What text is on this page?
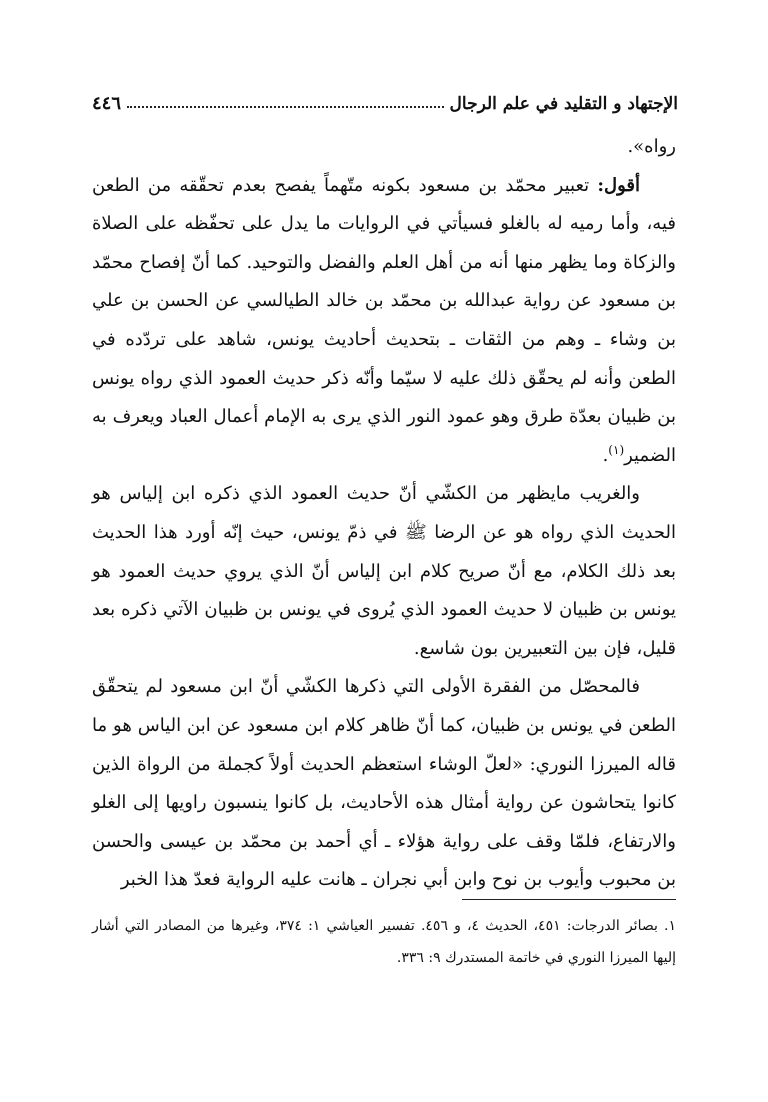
٤٤٦	الإجتهاد و التقليد في علم الرجال

رواه».

أقول: تعبير محمّد بن مسعود بكونه متّهماً يفصح بعدم تحقّقه من الطعن فيه، وأما رميه له بالغلو فسيأتي في الروايات ما يدل على تحفّظه على الصلاة والزكاة وما يظهر منها أنه من أهل العلم والفضل والتوحيد. كما أنّ إفصاح محمّد بن مسعود عن رواية عبدالله بن محمّد بن خالد الطيالسي عن الحسن بن علي بن وشاء ـ وهم من الثقات ـ بتحديث أحاديث يونس، شاهد على تردّده في الطعن وأنه لم يحقّق ذلك عليه لا سيّما وأنّه ذكر حديث العمود الذي رواه يونس بن ظبيان بعدّة طرق وهو عمود النور الذي يرى به الإمام أعمال العباد ويعرف به الضمير$^{(١)}$.

والغريب مايظهر من الكشّي أنّ حديث العمود الذي ذكره ابن إلياس هو الحديث الذي رواه هو عن الرضا ﷺ في ذمّ يونس، حيث إنّه أورد هذا الحديث بعد ذلك الكلام، مع أنّ صريح كلام ابن إلياس أنّ الذي يروي حديث العمود هو يونس بن ظبيان لا حديث العمود الذي يُروى في يونس بن ظبيان الآتي ذكره بعد قليل، فإن بين التعبيرين بون شاسع.

فالمحصّل من الفقرة الأولى التي ذكرها الكشّي أنّ ابن مسعود لم يتحقّق الطعن في يونس بن ظبيان، كما أنّ ظاهر كلام ابن مسعود عن ابن الياس هو ما قاله الميرزا النوري: «لعلّ الوشاء استعظم الحديث أولاً كجملة من الرواة الذين كانوا يتحاشون عن رواية أمثال هذه الأحاديث، بل كانوا ينسبون راويها إلى الغلو والارتفاع، فلمّا وقف على رواية هؤلاء ـ أي أحمد بن محمّد بن عيسى والحسن بن محبوب وأيوب بن نوح وابن أبي نجران ـ هانت عليه الرواية فعدّ هذا الخبر

١. بصائر الدرجات: ٤٥١، الحديث ٤، و ٤٥٦. تفسير العياشي ١: ٣٧٤، وغيرها من المصادر التي أشار إليها الميرزا النوري في خاتمة المستدرك ٩: ٣٣٦.
